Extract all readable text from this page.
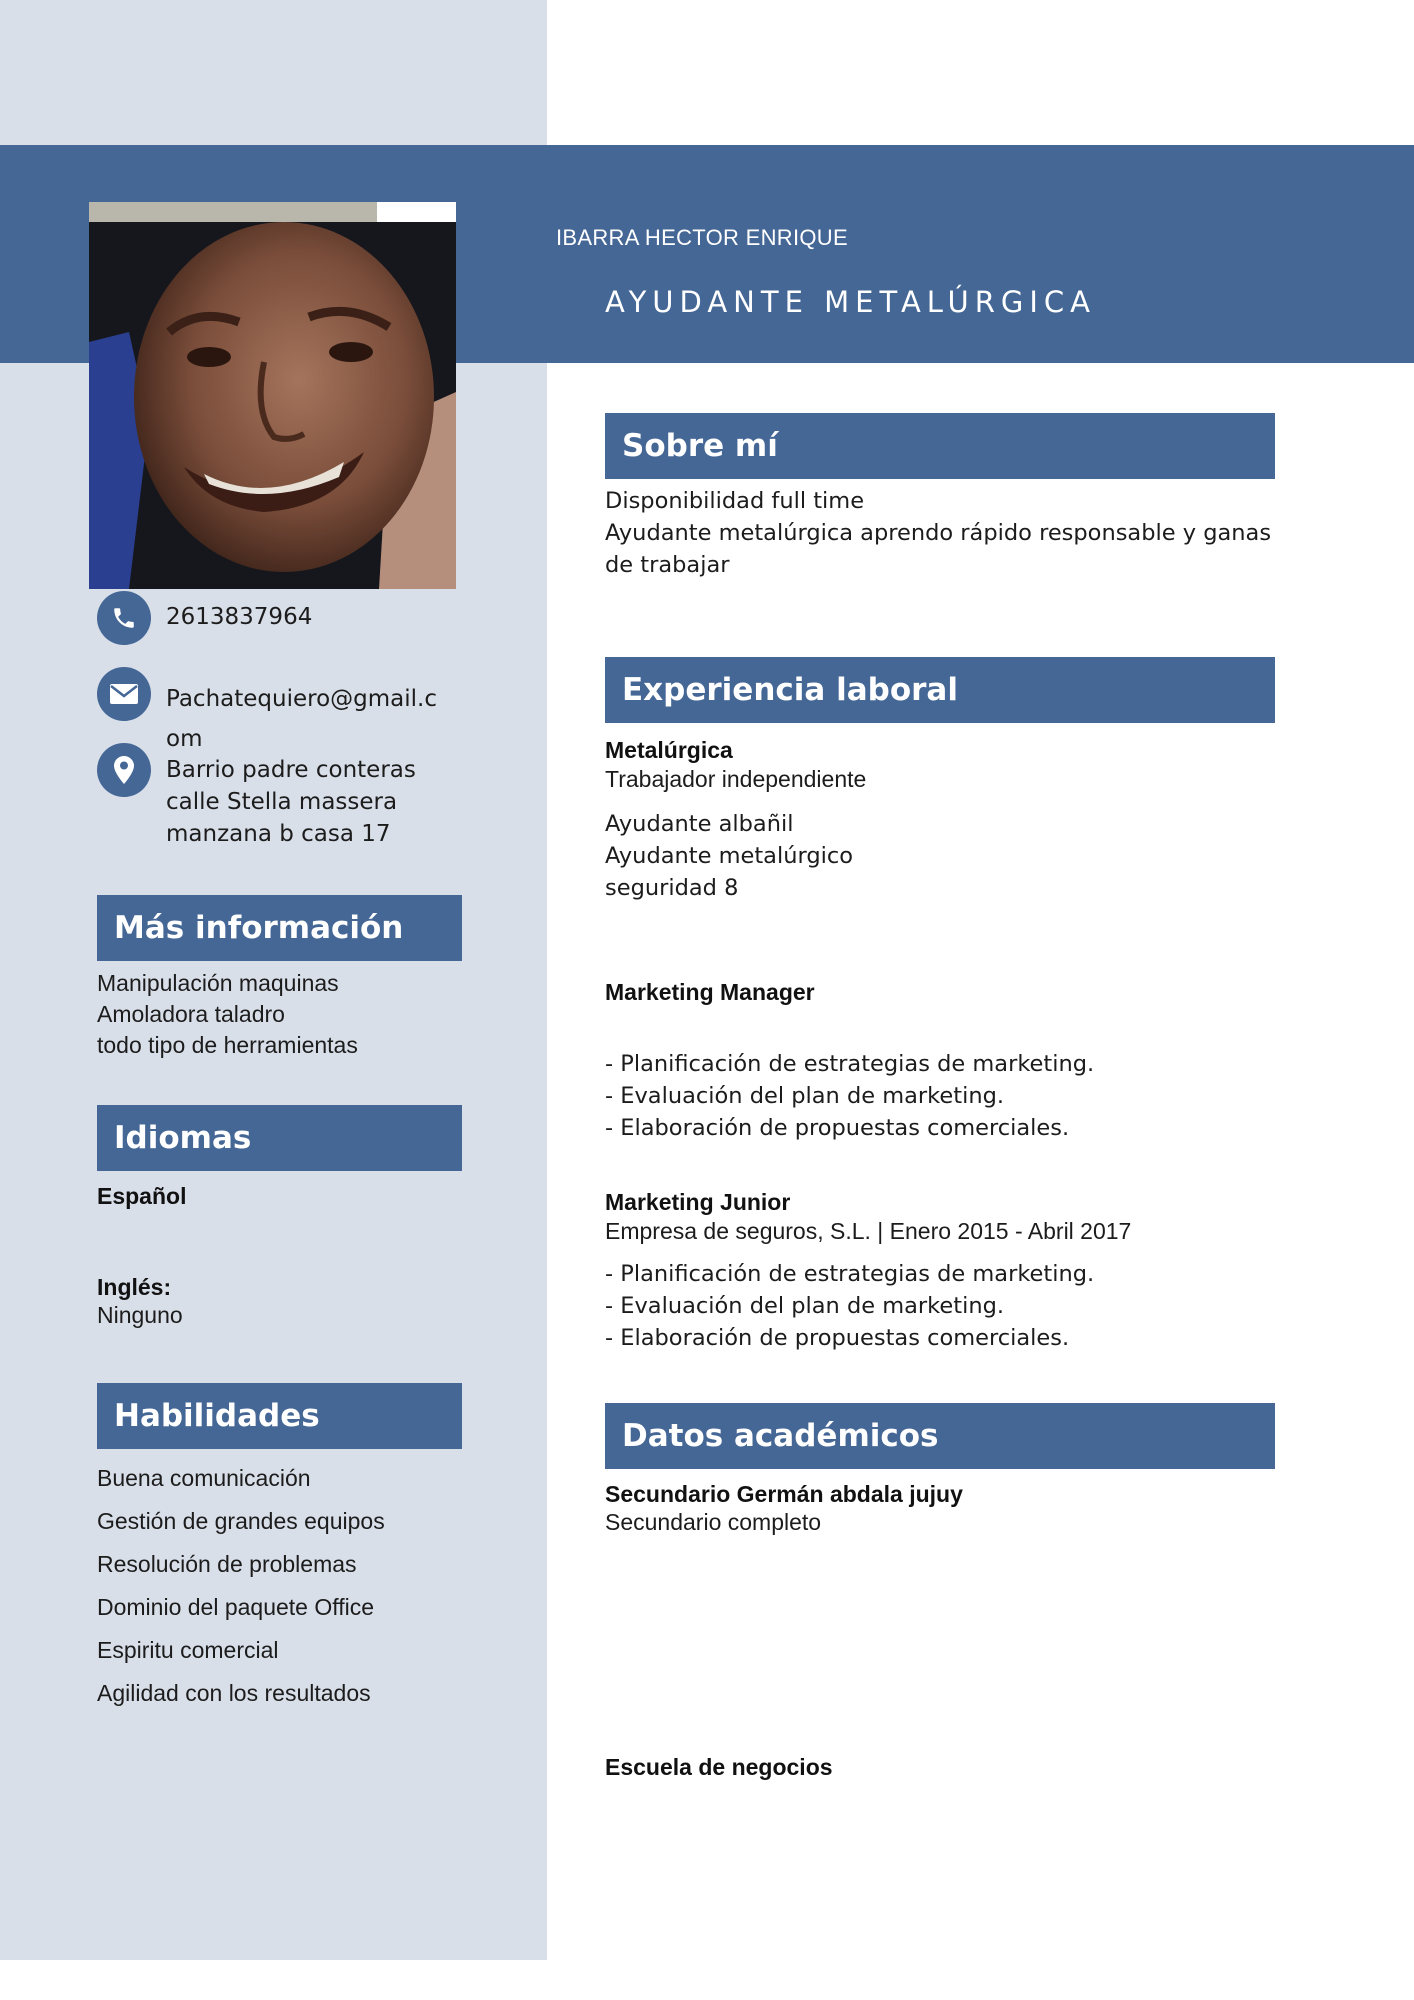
IBARRA HECTOR ENRIQUE
AYUDANTE METALÚRGICA
2613837964
Pachatequiero@gmail.c
om
Barrio padre conteras
calle Stella massera
manzana b casa 17
Más información
Manipulación maquinas
Amoladora taladro
todo tipo de herramientas
Idiomas
Español
Inglés:
Ninguno
Habilidades
Buena comunicación
Gestión de grandes equipos
Resolución de problemas
Dominio del paquete Office
Espiritu comercial
Agilidad con los resultados
Sobre mí
Disponibilidad full time
Ayudante metalúrgica aprendo rápido responsable y ganas
de trabajar
Experiencia laboral
Metalúrgica
Trabajador independiente
Ayudante albañil
Ayudante metalúrgico
seguridad 8
Marketing Manager
- Planificación de estrategias de marketing.
- Evaluación del plan de marketing.
- Elaboración de propuestas comerciales.
Marketing Junior
Empresa de seguros, S.L. | Enero 2015 - Abril 2017
- Planificación de estrategias de marketing.
- Evaluación del plan de marketing.
- Elaboración de propuestas comerciales.
Datos académicos
Secundario Germán abdala jujuy
Secundario completo
Escuela de negocios
